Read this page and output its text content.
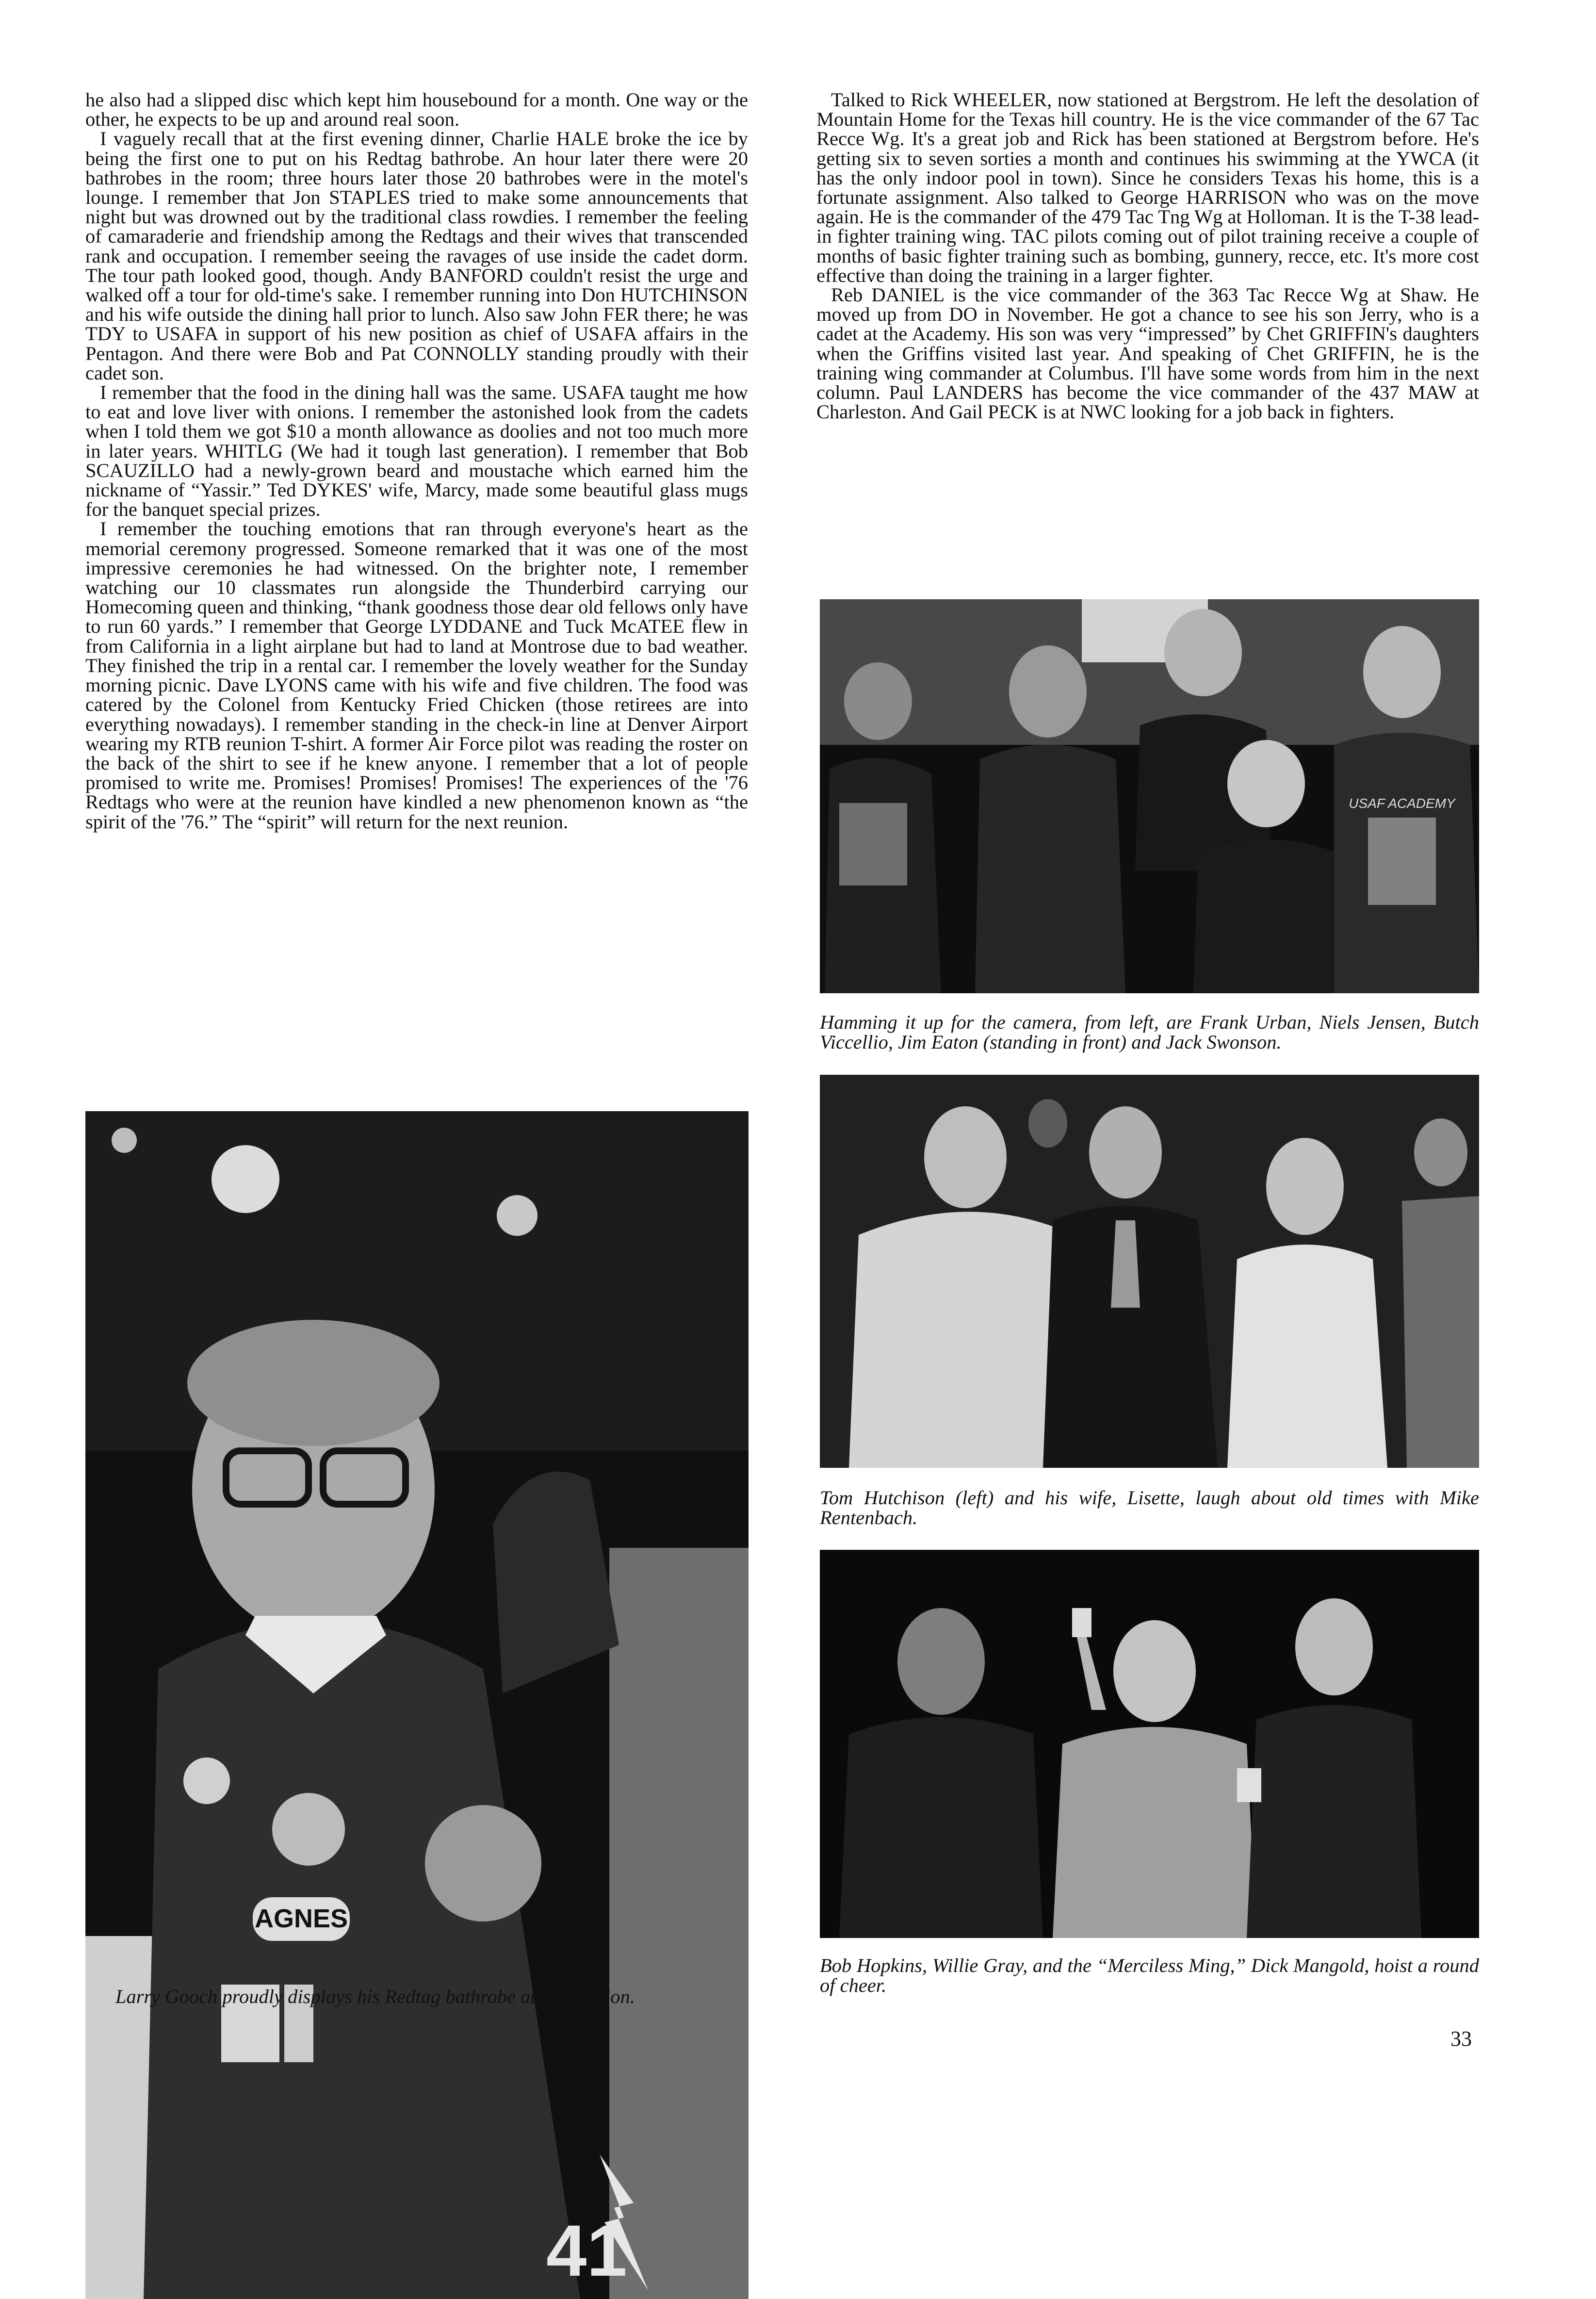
he also had a slipped disc which kept him housebound for a month. One way or the other, he expects to be up and around real soon.

I vaguely recall that at the first evening dinner, Charlie HALE broke the ice by being the first one to put on his Redtag bathrobe. An hour later there were 20 bathrobes in the room; three hours later those 20 bathrobes were in the motel's lounge. I remember that Jon STAPLES tried to make some announcements that night but was drowned out by the traditional class rowdies. I remember the feeling of camaraderie and friendship among the Redtags and their wives that transcended rank and occupation. I remember seeing the ravages of use inside the cadet dorm. The tour path looked good, though. Andy BANFORD couldn't resist the urge and walked off a tour for old-time's sake. I remember running into Don HUTCHINSON and his wife outside the dining hall prior to lunch. Also saw John FER there; he was TDY to USAFA in support of his new position as chief of USAFA affairs in the Pentagon. And there were Bob and Pat CONNOLLY standing proudly with their cadet son.

I remember that the food in the dining hall was the same. USAFA taught me how to eat and love liver with onions. I remember the astonished look from the cadets when I told them we got $10 a month allowance as doolies and not too much more in later years. WHITLG (We had it tough last generation). I remember that Bob SCAUZILLO had a newly-grown beard and moustache which earned him the nickname of “Yassir.” Ted DYKES' wife, Marcy, made some beautiful glass mugs for the banquet special prizes.

I remember the touching emotions that ran through everyone's heart as the memorial ceremony progressed. Someone remarked that it was one of the most impressive ceremonies he had witnessed. On the brighter note, I remember watching our 10 classmates run alongside the Thunderbird carrying our Homecoming queen and thinking, “thank goodness those dear old fellows only have to run 60 yards.” I remember that George LYDDANE and Tuck McATEE flew in from California in a light airplane but had to land at Montrose due to bad weather. They finished the trip in a rental car. I remember the lovely weather for the Sunday morning picnic. Dave LYONS came with his wife and five children. The food was catered by the Colonel from Kentucky Fried Chicken (those retirees are into everything nowadays). I remember standing in the check-in line at Denver Airport wearing my RTB reunion T-shirt. A former Air Force pilot was reading the roster on the back of the shirt to see if he knew anyone. I remember that a lot of people promised to write me. Promises! Promises! Promises! The experiences of the '76 Redtags who were at the reunion have kindled a new phenomenon known as “the spirit of the '76.” The “spirit” will return for the next reunion.

Talked to Rick WHEELER, now stationed at Bergstrom. He left the desolation of Mountain Home for the Texas hill country. He is the vice commander of the 67 Tac Recce Wg. It's a great job and Rick has been stationed at Bergstrom before. He's getting six to seven sorties a month and continues his swimming at the YWCA (it has the only indoor pool in town). Since he considers Texas his home, this is a fortunate assignment. Also talked to George HARRISON who was on the move again. He is the commander of the 479 Tac Tng Wg at Holloman. It is the T-38 lead-in fighter training wing. TAC pilots coming out of pilot training receive a couple of months of basic fighter training such as bombing, gunnery, recce, etc. It's more cost effective than doing the training in a larger fighter.

Reb DANIEL is the vice commander of the 363 Tac Recce Wg at Shaw. He moved up from DO in November. He got a chance to see his son Jerry, who is a cadet at the Academy. His son was very “impressed” by Chet GRIFFIN's daughters when the Griffins visited last year. And speaking of Chet GRIFFIN, he is the training wing commander at Columbus. I'll have some words from him in the next column. Paul LANDERS has become the vice commander of the 437 MAW at Charleston. And Gail PECK is at NWC looking for a job back in fighters.

41
AGNES
Larry Gooch proudly displays his Redtag bathrobe at the reunion.
USAF ACADEMY
Hamming it up for the camera, from left, are Frank Urban, Niels Jensen, Butch Viccellio, Jim Eaton (standing in front) and Jack Swonson.
Tom Hutchison (left) and his wife, Lisette, laugh about old times with Mike Rentenbach.
Bob Hopkins, Willie Gray, and the “Merciless Ming,” Dick Mangold, hoist a round of cheer.
33
